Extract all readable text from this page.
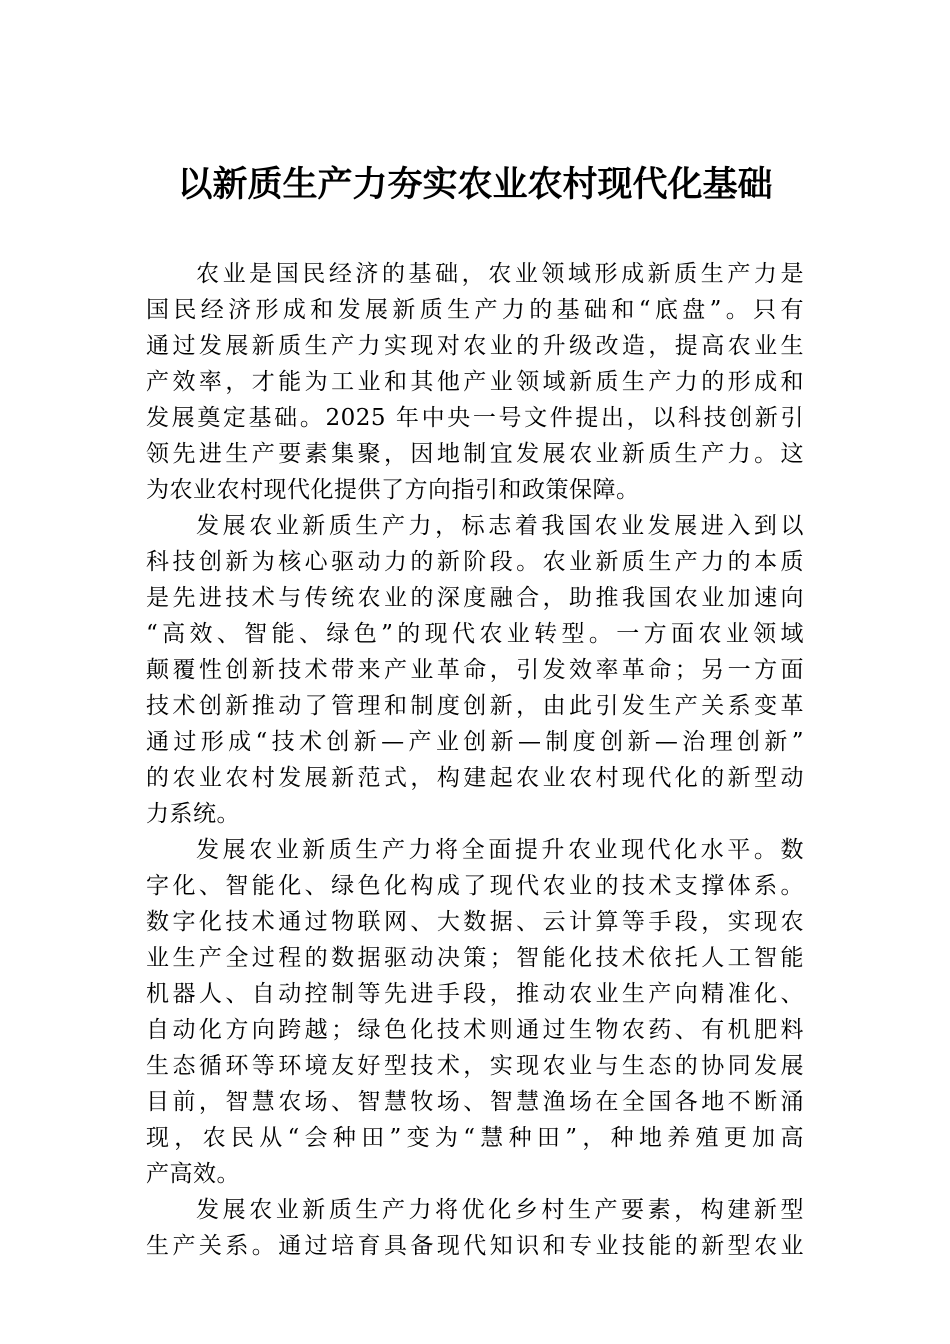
以新质生产力夯实农业农村现代化基础
农业是国民经济的基础，农业领域形成新质生产力是
国民经济形成和发展新质生产力的基础和“底盘”。只有
通过发展新质生产力实现对农业的升级改造，提高农业生
产效率，才能为工业和其他产业领域新质生产力的形成和
发展奠定基础。2025 年中央一号文件提出，以科技创新引
领先进生产要素集聚，因地制宜发展农业新质生产力。这
为农业农村现代化提供了方向指引和政策保障。
发展农业新质生产力，标志着我国农业发展进入到以
科技创新为核心驱动力的新阶段。农业新质生产力的本质
是先进技术与传统农业的深度融合，助推我国农业加速向
“高效、智能、绿色”的现代农业转型。一方面农业领域
颠覆性创新技术带来产业革命，引发效率革命；另一方面
技术创新推动了管理和制度创新，由此引发生产关系变革
通过形成“技术创新—产业创新—制度创新—治理创新”
的农业农村发展新范式，构建起农业农村现代化的新型动
力系统。
发展农业新质生产力将全面提升农业现代化水平。数
字化、智能化、绿色化构成了现代农业的技术支撑体系。
数字化技术通过物联网、大数据、云计算等手段，实现农
业生产全过程的数据驱动决策；智能化技术依托人工智能
机器人、自动控制等先进手段，推动农业生产向精准化、
自动化方向跨越；绿色化技术则通过生物农药、有机肥料
生态循环等环境友好型技术，实现农业与生态的协同发展
目前，智慧农场、智慧牧场、智慧渔场在全国各地不断涌
现，农民从“会种田”变为“慧种田”，种地养殖更加高
产高效。
发展农业新质生产力将优化乡村生产要素，构建新型
生产关系。通过培育具备现代知识和专业技能的新型农业
